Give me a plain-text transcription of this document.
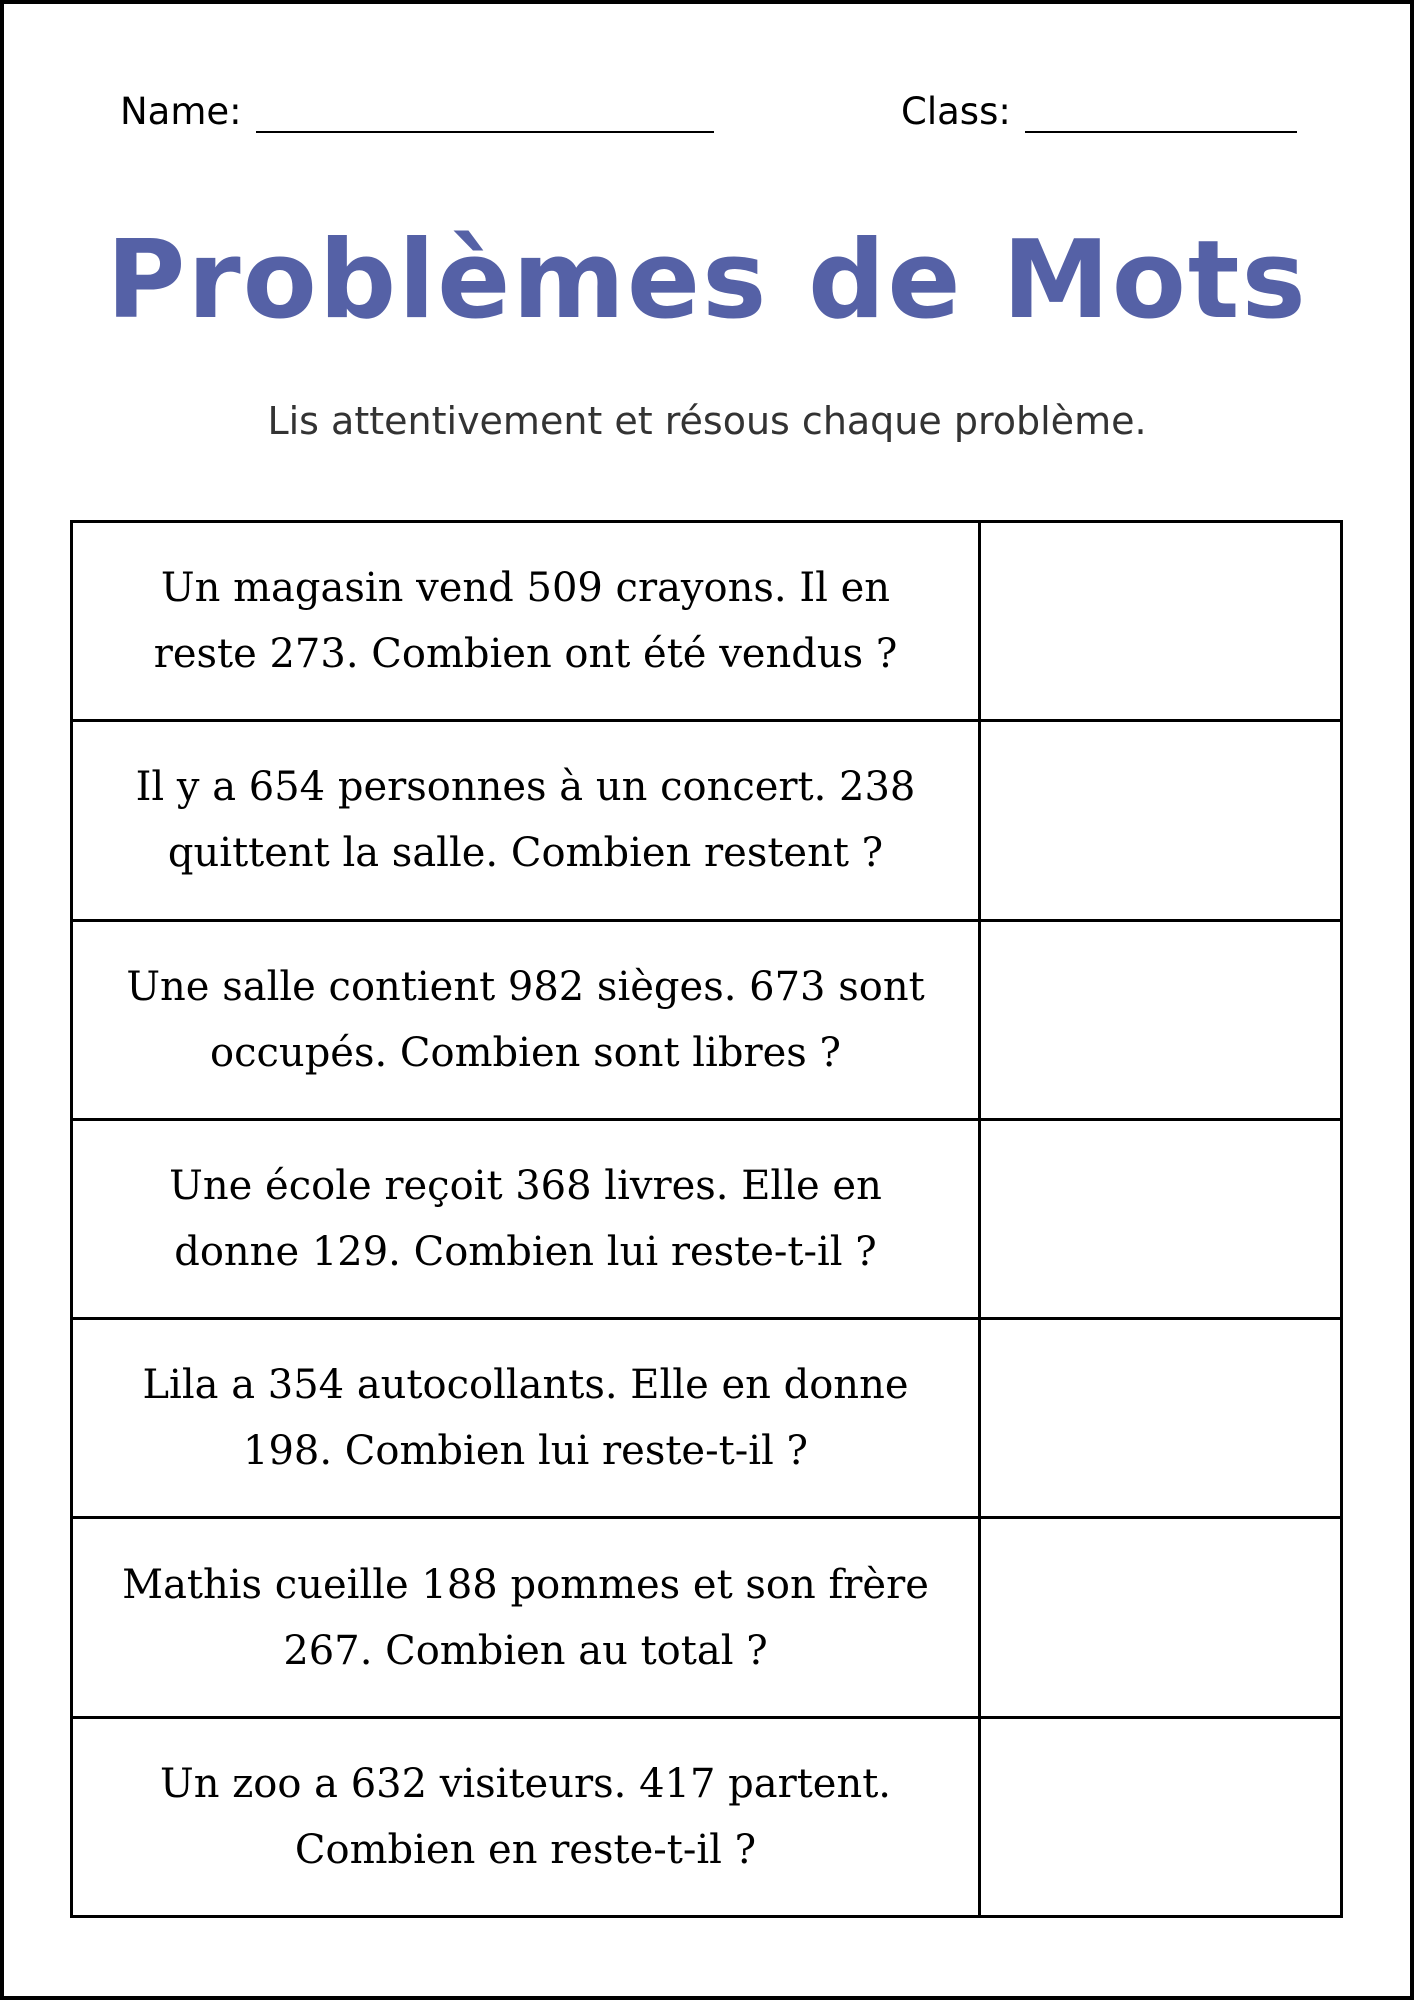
Name:	Class:
Problèmes de Mots
Lis attentivement et résous chaque problème.
Un magasin vend 509 crayons. Il en reste 273. Combien ont été vendus ?
Il y a 654 personnes à un concert. 238 quittent la salle. Combien restent ?
Une salle contient 982 sièges. 673 sont occupés. Combien sont libres ?
Une école reçoit 368 livres. Elle en donne 129. Combien lui reste-t-il ?
Lila a 354 autocollants. Elle en donne 198. Combien lui reste-t-il ?
Mathis cueille 188 pommes et son frère 267. Combien au total ?
Un zoo a 632 visiteurs. 417 partent. Combien en reste-t-il ?
